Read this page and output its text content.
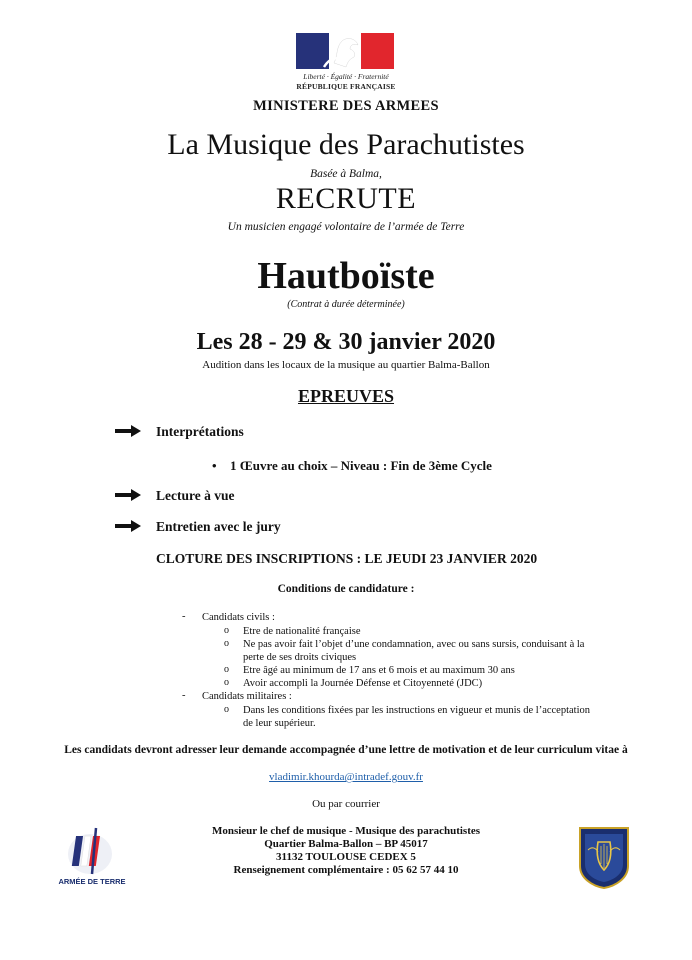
Liberté · Égalité · Fraternité
RÉPUBLIQUE FRANÇAISE
MINISTERE DES ARMEES
La Musique des Parachutistes
Basée à Balma,
RECRUTE
Un musicien engagé volontaire de l’armée de Terre
Hautboïste
(Contrat à durée déterminée)
Les 28 - 29 & 30 janvier 2020
Audition dans les locaux de la musique au quartier Balma-Ballon
EPREUVES
Interprétations
• 1 Œuvre au choix – Niveau : Fin de 3ème Cycle
Lecture à vue
Entretien avec le jury
CLOTURE DES INSCRIPTIONS : LE JEUDI 23 JANVIER 2020
Conditions de candidature :
- Candidats civils :
o Etre de nationalité française
o Ne pas avoir fait l’objet d’une condamnation, avec ou sans sursis, conduisant à la
perte de ses droits civiques
o Etre âgé au minimum de 17 ans et 6 mois et au maximum 30 ans
o Avoir accompli la Journée Défense et Citoyenneté (JDC)
- Candidats militaires :
o Dans les conditions fixées par les instructions en vigueur et munis de l’acceptation
de leur supérieur.
Les candidats devront adresser leur demande accompagnée d’une lettre de motivation et de leur curriculum vitae à
vladimir.khourda@intradef.gouv.fr
Ou par courrier
Monsieur le chef de musique - Musique des parachutistes
Quartier Balma-Ballon – BP 45017
31132 TOULOUSE CEDEX 5
Renseignement complémentaire : 05 62 57 44 10
ARMÉE DE TERRE
